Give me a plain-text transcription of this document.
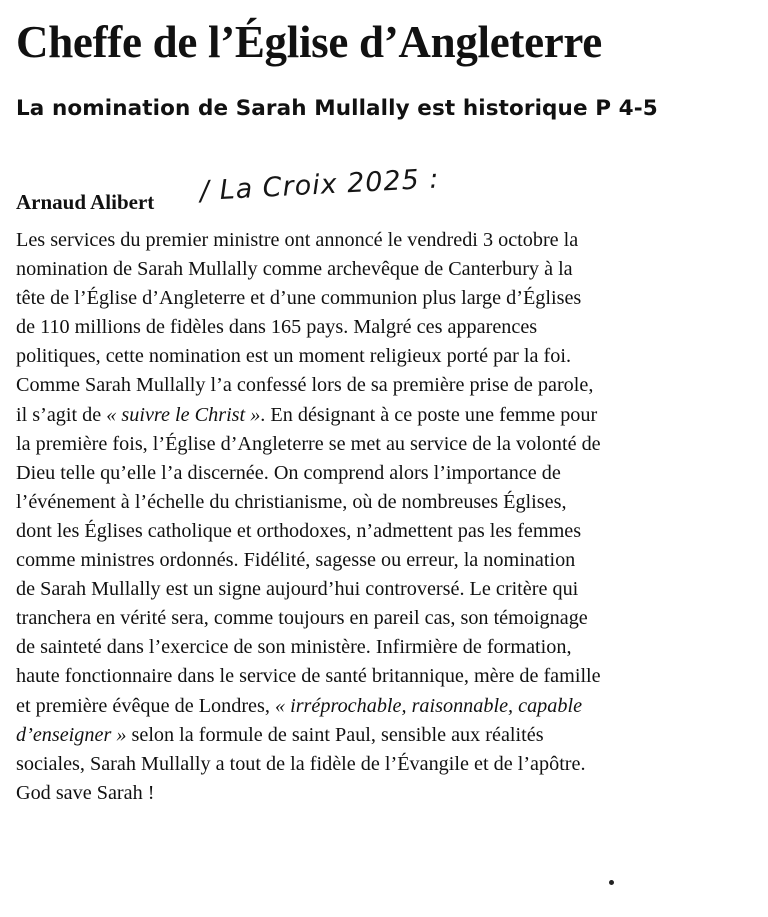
Cheffe de l’Église d’Angleterre
La nomination de Sarah Mullally est historique P 4-5
Arnaud Alibert / La Croix 2025 :
Les services du premier ministre ont annoncé le vendredi 3 octobre la
nomination de Sarah Mullally comme archevêque de Canterbury à la
tête de l’Église d’Angleterre et d’une communion plus large d’Églises
de 110 millions de fidèles dans 165 pays. Malgré ces apparences
politiques, cette nomination est un moment religieux porté par la foi.
Comme Sarah Mullally l’a confessé lors de sa première prise de parole,
il s’agit de « suivre le Christ ». En désignant à ce poste une femme pour
la première fois, l’Église d’Angleterre se met au service de la volonté de
Dieu telle qu’elle l’a discernée. On comprend alors l’importance de
l’événement à l’échelle du christianisme, où de nombreuses Églises,
dont les Églises catholique et orthodoxes, n’admettent pas les femmes
comme ministres ordonnés. Fidélité, sagesse ou erreur, la nomination
de Sarah Mullally est un signe aujourd’hui controversé. Le critère qui
tranchera en vérité sera, comme toujours en pareil cas, son témoignage
de sainteté dans l’exercice de son ministère. Infirmière de formation,
haute fonctionnaire dans le service de santé britannique, mère de famille
et première évêque de Londres, « irréprochable, raisonnable, capable
d’enseigner » selon la formule de saint Paul, sensible aux réalités
sociales, Sarah Mullally a tout de la fidèle de l’Évangile et de l’apôtre.
God save Sarah !
